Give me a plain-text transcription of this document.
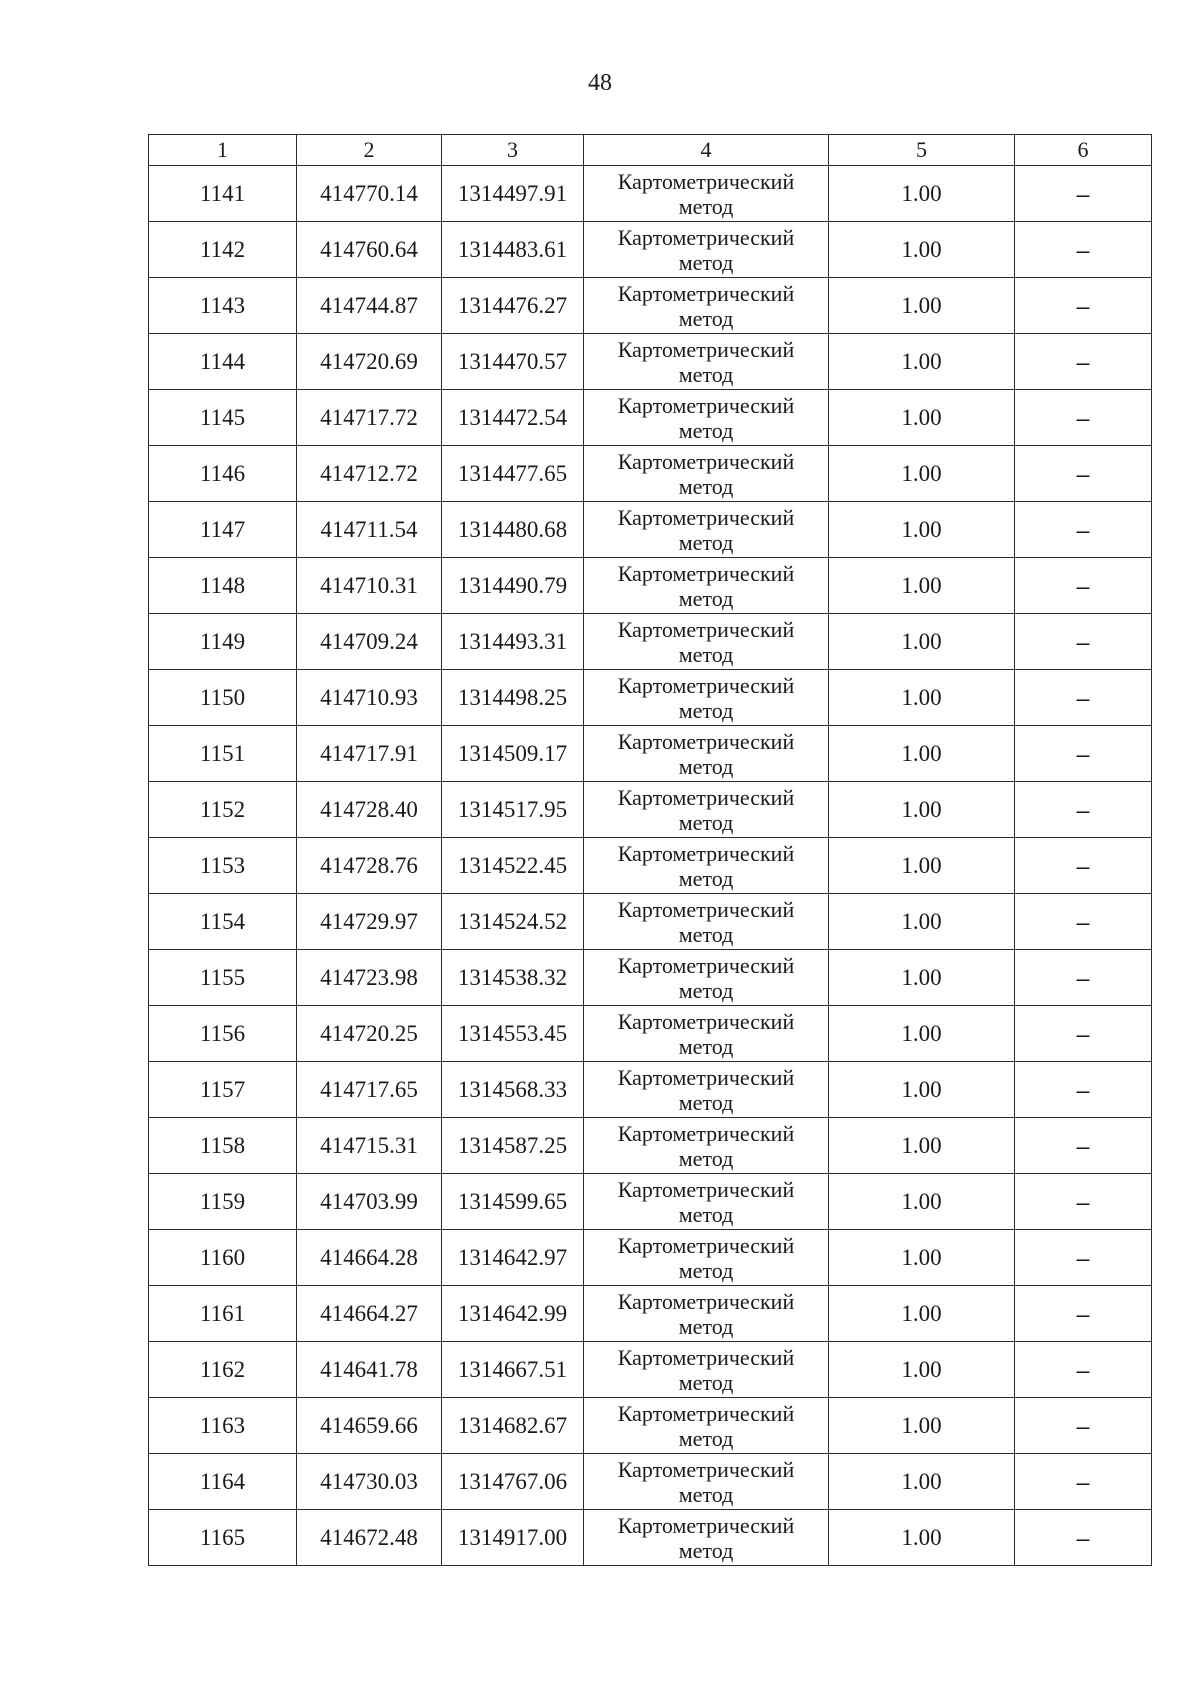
48
1	2	3	4	5	6
1141	414770.14	1314497.91	Картометрический
метод	1.00	–
1142	414760.64	1314483.61	Картометрический
метод	1.00	–
1143	414744.87	1314476.27	Картометрический
метод	1.00	–
1144	414720.69	1314470.57	Картометрический
метод	1.00	–
1145	414717.72	1314472.54	Картометрический
метод	1.00	–
1146	414712.72	1314477.65	Картометрический
метод	1.00	–
1147	414711.54	1314480.68	Картометрический
метод	1.00	–
1148	414710.31	1314490.79	Картометрический
метод	1.00	–
1149	414709.24	1314493.31	Картометрический
метод	1.00	–
1150	414710.93	1314498.25	Картометрический
метод	1.00	–
1151	414717.91	1314509.17	Картометрический
метод	1.00	–
1152	414728.40	1314517.95	Картометрический
метод	1.00	–
1153	414728.76	1314522.45	Картометрический
метод	1.00	–
1154	414729.97	1314524.52	Картометрический
метод	1.00	–
1155	414723.98	1314538.32	Картометрический
метод	1.00	–
1156	414720.25	1314553.45	Картометрический
метод	1.00	–
1157	414717.65	1314568.33	Картометрический
метод	1.00	–
1158	414715.31	1314587.25	Картометрический
метод	1.00	–
1159	414703.99	1314599.65	Картометрический
метод	1.00	–
1160	414664.28	1314642.97	Картометрический
метод	1.00	–
1161	414664.27	1314642.99	Картометрический
метод	1.00	–
1162	414641.78	1314667.51	Картометрический
метод	1.00	–
1163	414659.66	1314682.67	Картометрический
метод	1.00	–
1164	414730.03	1314767.06	Картометрический
метод	1.00	–
1165	414672.48	1314917.00	Картометрический
метод	1.00	–
